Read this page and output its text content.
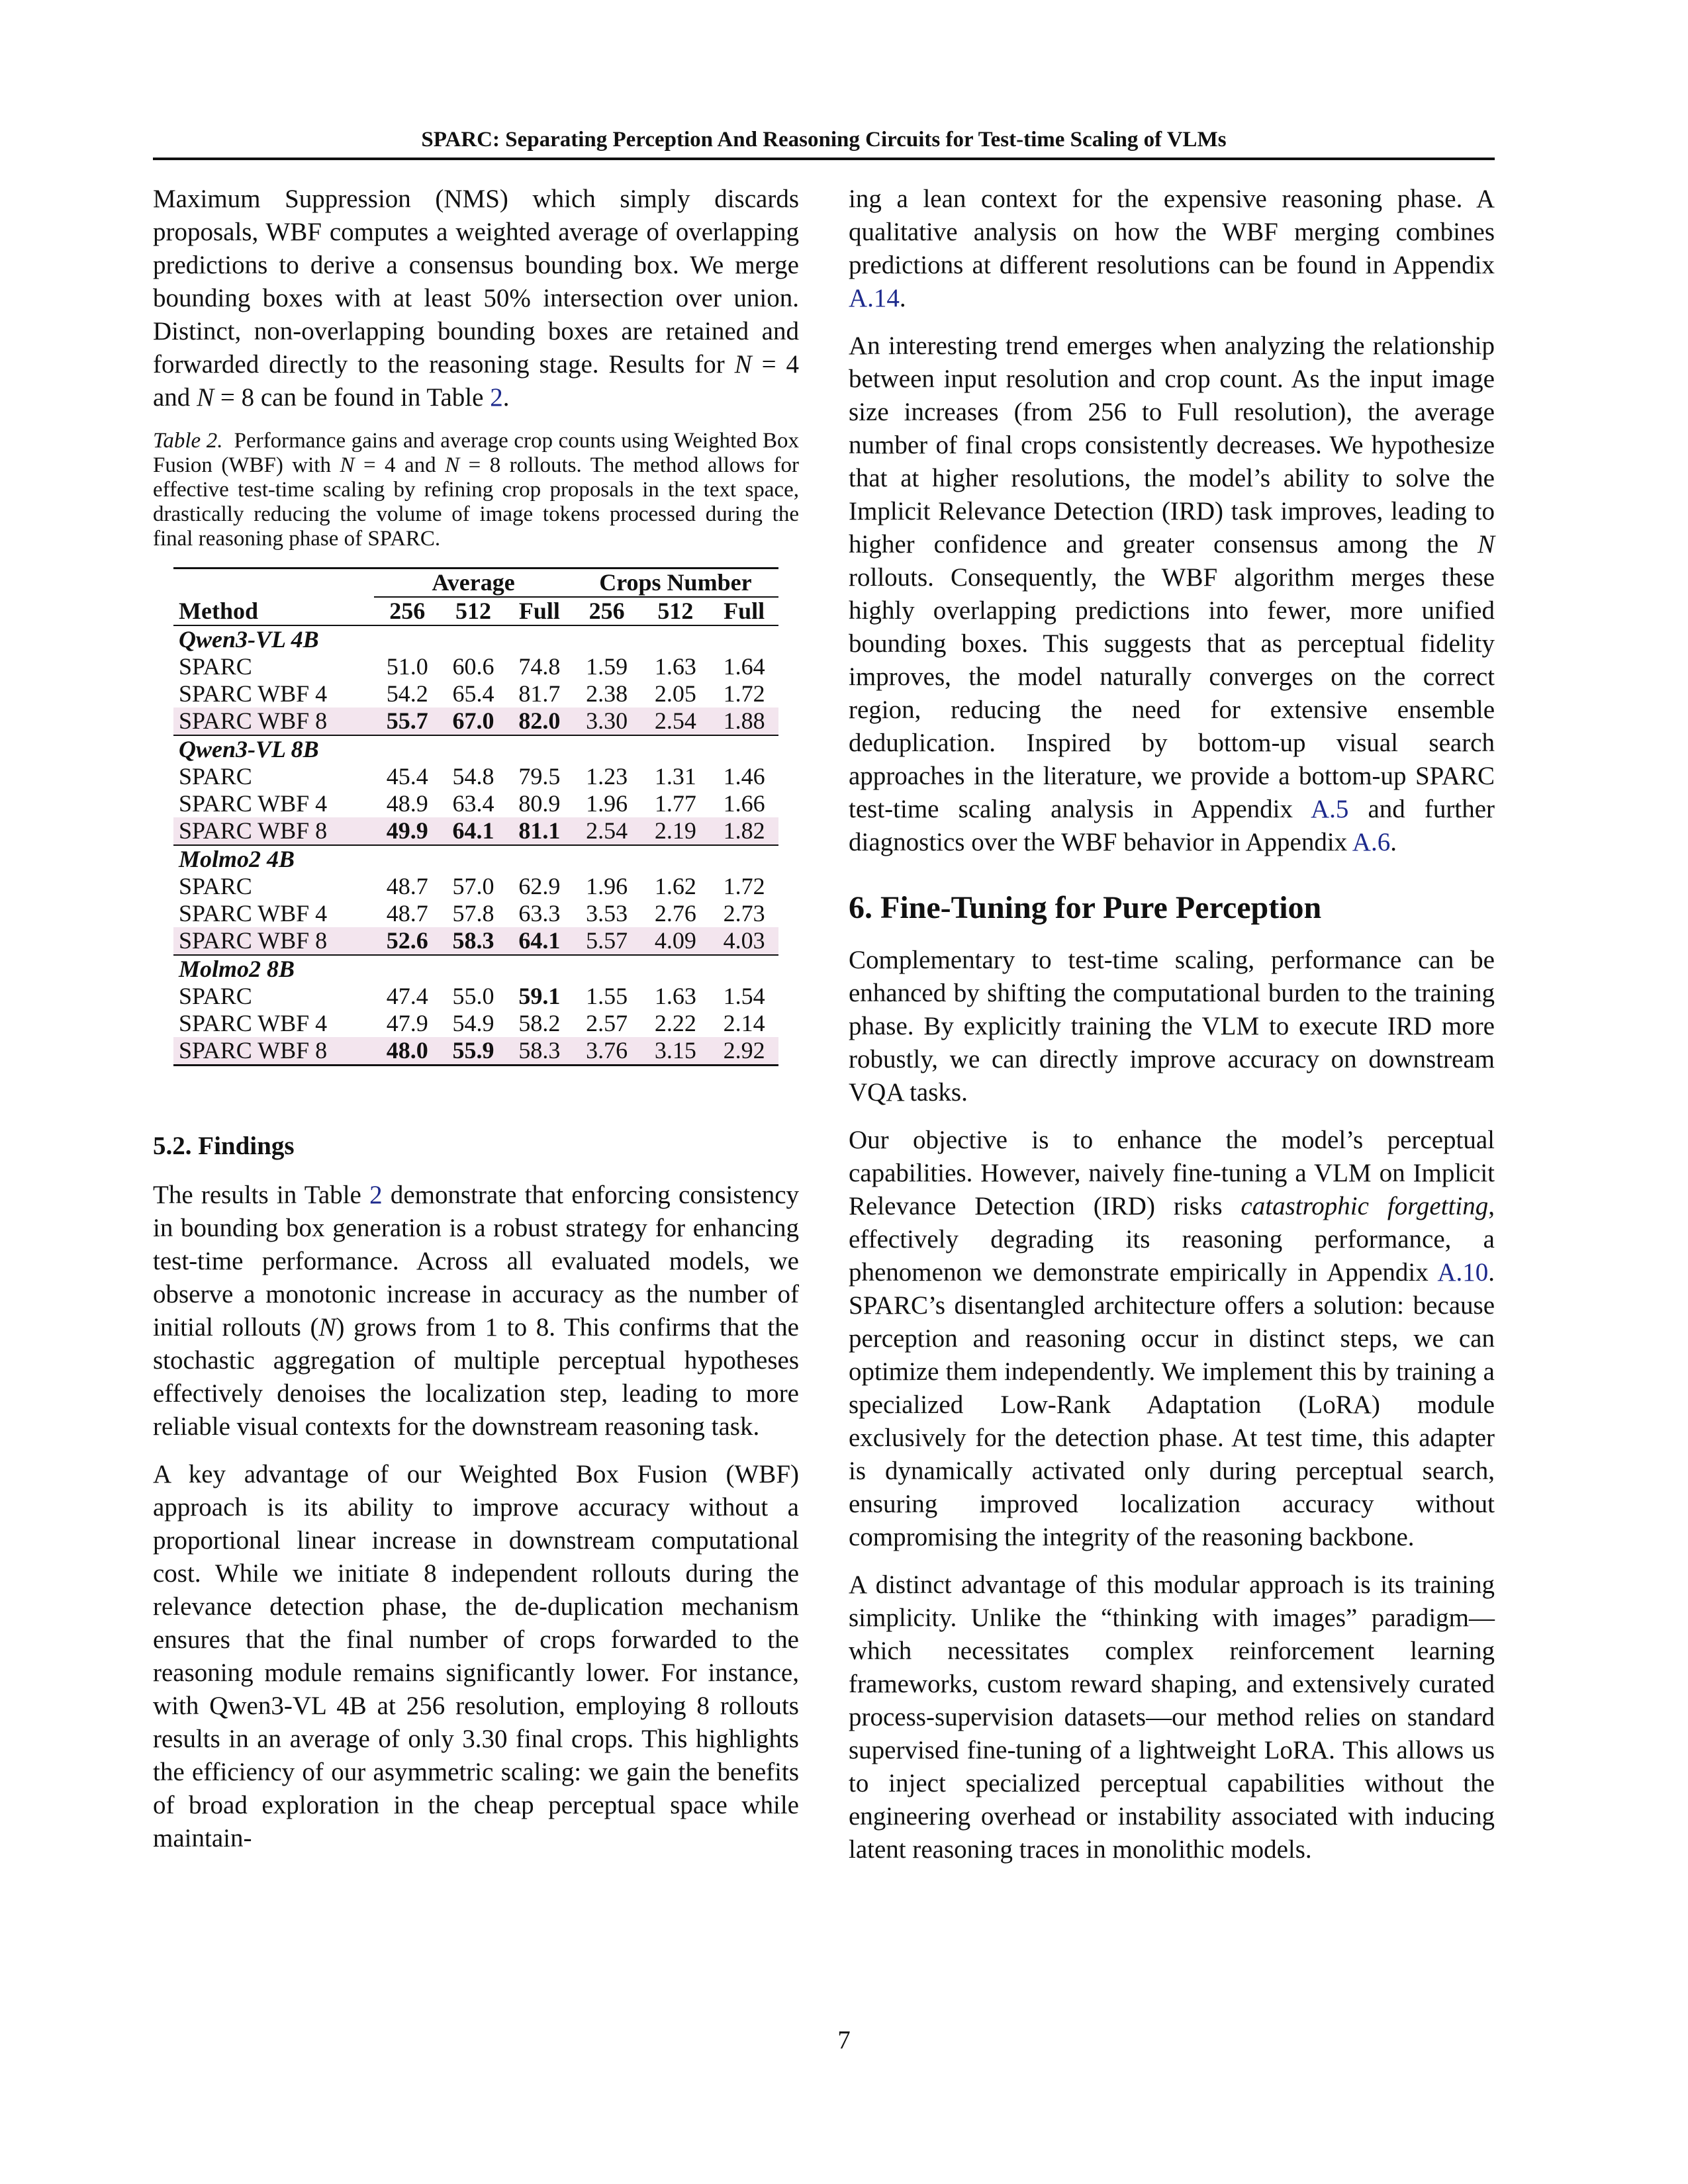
SPARC: Separating Perception And Reasoning Circuits for Test-time Scaling of VLMs

Maximum Suppression (NMS) which simply discards proposals, WBF computes a weighted average of overlapping predictions to derive a consensus bounding box. We merge bounding boxes with at least 50% intersection over union. Distinct, non-overlapping bounding boxes are retained and forwarded directly to the reasoning stage. Results for N = 4 and N = 8 can be found in Table 2.

Table 2. Performance gains and average crop counts using Weighted Box Fusion (WBF) with N = 4 and N = 8 rollouts. The method allows for effective test-time scaling by refining crop proposals in the text space, drastically reducing the volume of image tokens processed during the final reasoning phase of SPARC.
	Average			Crops Number		
Method	256	512	Full	256	512	Full
Qwen3-VL 4B						
SPARC	51.0	60.6	74.8	1.59	1.63	1.64
SPARC WBF 4	54.2	65.4	81.7	2.38	2.05	1.72
SPARC WBF 8	55.7	67.0	82.0	3.30	2.54	1.88
Qwen3-VL 8B						
SPARC	45.4	54.8	79.5	1.23	1.31	1.46
SPARC WBF 4	48.9	63.4	80.9	1.96	1.77	1.66
SPARC WBF 8	49.9	64.1	81.1	2.54	2.19	1.82
Molmo2 4B						
SPARC	48.7	57.0	62.9	1.96	1.62	1.72
SPARC WBF 4	48.7	57.8	63.3	3.53	2.76	2.73
SPARC WBF 8	52.6	58.3	64.1	5.57	4.09	4.03
Molmo2 8B						
SPARC	47.4	55.0	59.1	1.55	1.63	1.54
SPARC WBF 4	47.9	54.9	58.2	2.57	2.22	2.14
SPARC WBF 8	48.0	55.9	58.3	3.76	3.15	2.92
5.2. Findings

The results in Table 2 demonstrate that enforcing consistency in bounding box generation is a robust strategy for enhancing test-time performance. Across all evaluated models, we observe a monotonic increase in accuracy as the number of initial rollouts (N) grows from 1 to 8. This confirms that the stochastic aggregation of multiple perceptual hypotheses effectively denoises the localization step, leading to more reliable visual contexts for the downstream reasoning task.

A key advantage of our Weighted Box Fusion (WBF) approach is its ability to improve accuracy without a proportional linear increase in downstream computational cost. While we initiate 8 independent rollouts during the relevance detection phase, the de-duplication mechanism ensures that the final number of crops forwarded to the reasoning module remains significantly lower. For instance, with Qwen3-VL 4B at 256 resolution, employing 8 rollouts results in an average of only 3.30 final crops. This highlights the efficiency of our asymmetric scaling: we gain the benefits of broad exploration in the cheap perceptual space while maintain-

ing a lean context for the expensive reasoning phase. A qualitative analysis on how the WBF merging combines predictions at different resolutions can be found in Appendix A.14.

An interesting trend emerges when analyzing the relationship between input resolution and crop count. As the input image size increases (from 256 to Full resolution), the average number of final crops consistently decreases. We hypothesize that at higher resolutions, the model’s ability to solve the Implicit Relevance Detection (IRD) task improves, leading to higher confidence and greater consensus among the N rollouts. Consequently, the WBF algorithm merges these highly overlapping predictions into fewer, more unified bounding boxes. This suggests that as perceptual fidelity improves, the model naturally converges on the correct region, reducing the need for extensive ensemble deduplication. Inspired by bottom-up visual search approaches in the literature, we provide a bottom-up SPARC test-time scaling analysis in Appendix A.5 and further diagnostics over the WBF behavior in Appendix A.6.

6. Fine-Tuning for Pure Perception

Complementary to test-time scaling, performance can be enhanced by shifting the computational burden to the training phase. By explicitly training the VLM to execute IRD more robustly, we can directly improve accuracy on downstream VQA tasks.

Our objective is to enhance the model’s perceptual capabilities. However, naively fine-tuning a VLM on Implicit Relevance Detection (IRD) risks catastrophic forgetting, effectively degrading its reasoning performance, a phenomenon we demonstrate empirically in Appendix A.10. SPARC’s disentangled architecture offers a solution: because perception and reasoning occur in distinct steps, we can optimize them independently. We implement this by training a specialized Low-Rank Adaptation (LoRA) module exclusively for the detection phase. At test time, this adapter is dynamically activated only during perceptual search, ensuring improved localization accuracy without compromising the integrity of the reasoning backbone.

A distinct advantage of this modular approach is its training simplicity. Unlike the “thinking with images” paradigm—which necessitates complex reinforcement learning frameworks, custom reward shaping, and extensively curated process-supervision datasets—our method relies on standard supervised fine-tuning of a lightweight LoRA. This allows us to inject specialized perceptual capabilities without the engineering overhead or instability associated with inducing latent reasoning traces in monolithic models.

7
